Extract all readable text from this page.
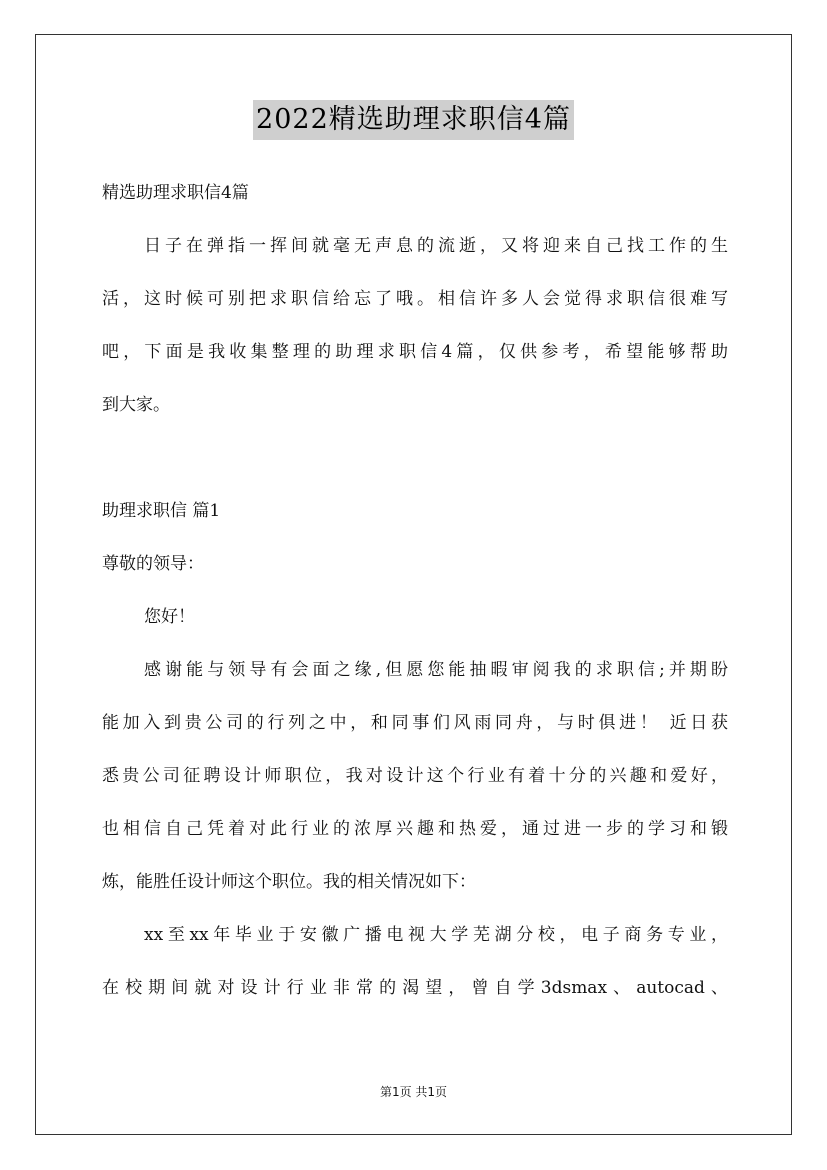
2022精选助理求职信4篇
精选助理求职信4篇
日子在弹指一挥间就毫无声息的流逝，又将迎来自己找工作的生
活，这时候可别把求职信给忘了哦。相信许多人会觉得求职信很难写
吧，下面是我收集整理的助理求职信4篇，仅供参考，希望能够帮助
到大家。
助理求职信 篇1
尊敬的领导：
您好！
感谢能与领导有会面之缘,但愿您能抽暇审阅我的求职信;并期盼
能加入到贵公司的行列之中，和同事们风雨同舟，与时俱进！ 近日获
悉贵公司征聘设计师职位，我对设计这个行业有着十分的兴趣和爱好，
也相信自己凭着对此行业的浓厚兴趣和热爱，通过进一步的学习和锻
炼，能胜任设计师这个职位。我的相关情况如下：
xx至xx年毕业于安徽广播电视大学芜湖分校，电子商务专业，
在校期间就对设计行业非常的渴望，曾自学3dsmax、autocad、
第1页 共1页
